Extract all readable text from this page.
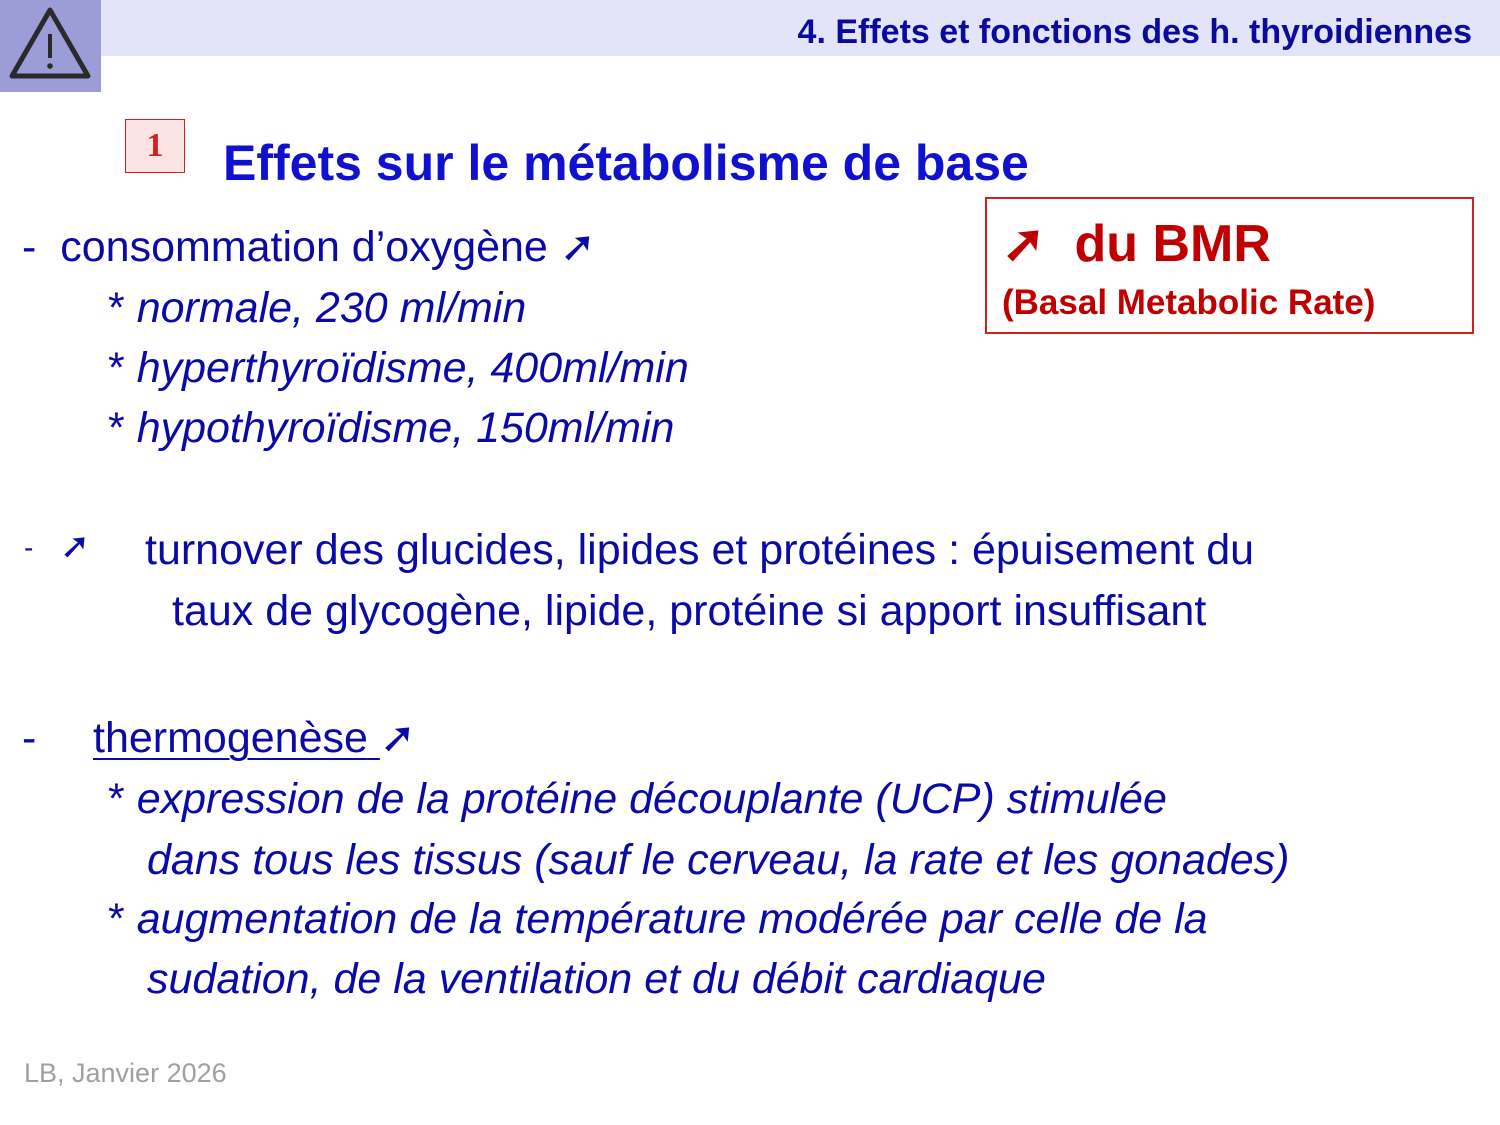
4. Effets et fonctions des h. thyroidiennes
1	Effets sur le métabolisme de base
➚ du BMR
(Basal Metabolic Rate)
- consommation d’oxygène ➚
* normale, 230 ml/min
* hyperthyroïdisme, 400ml/min
* hypothyroïdisme, 150ml/min
- ➚ turnover des glucides, lipides et protéines : épuisement du
taux de glycogène, lipide, protéine si apport insuffisant
- thermogenèse ➚
* expression de la protéine découplante (UCP) stimulée
dans tous les tissus (sauf le cerveau, la rate et les gonades)
* augmentation de la température modérée par celle de la
sudation, de la ventilation et du débit cardiaque
LB, Janvier 2026
